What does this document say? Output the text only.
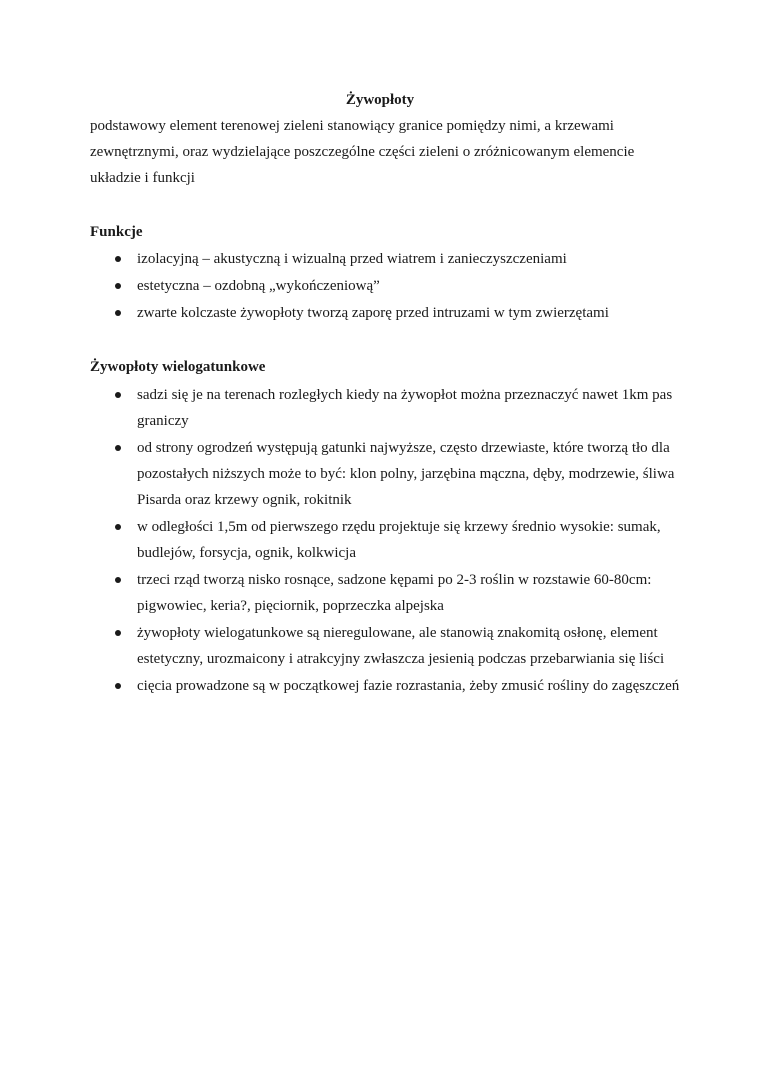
Żywopłoty
podstawowy element terenowej zieleni stanowiący granice pomiędzy nimi, a krzewami zewnętrznymi, oraz wydzielające poszczególne części zieleni o zróżnicowanym elemencie układzie i funkcji
Funkcje
izolacyjną – akustyczną i wizualną przed wiatrem i zanieczyszczeniami
estetyczna – ozdobną „wykończeniową”
zwarte kolczaste żywopłoty tworzą zaporę przed intruzami w tym zwierzętami
Żywopłoty wielogatunkowe
sadzi się je na terenach rozległych kiedy na żywopłot można przeznaczyć nawet 1km pas graniczy
od strony ogrodzeń występują gatunki najwyższe, często drzewiaste, które tworzą tło dla pozostałych niższych może to być: klon polny, jarzębina mączna, dęby, modrzewie, śliwa Pisarda oraz krzewy ognik, rokitnik
w odległości 1,5m od pierwszego rzędu projektuje się krzewy średnio wysokie: sumak, budlejów, forsycja, ognik, kolkwicja
trzeci rząd tworzą nisko rosnące, sadzone kępami po 2-3 roślin w rozstawie 60-80cm: pigwowiec, keria?, pięciornik, poprzeczka alpejska
żywopłoty wielogatunkowe są nieregulowane, ale stanowią znakomitą osłonę, element estetyczny, urozmaicony i atrakcyjny zwłaszcza jesienią podczas przebarwiania się liści
cięcia prowadzone są w początkowej fazie rozrastania, żeby zmusić rośliny do zagęszczeń
